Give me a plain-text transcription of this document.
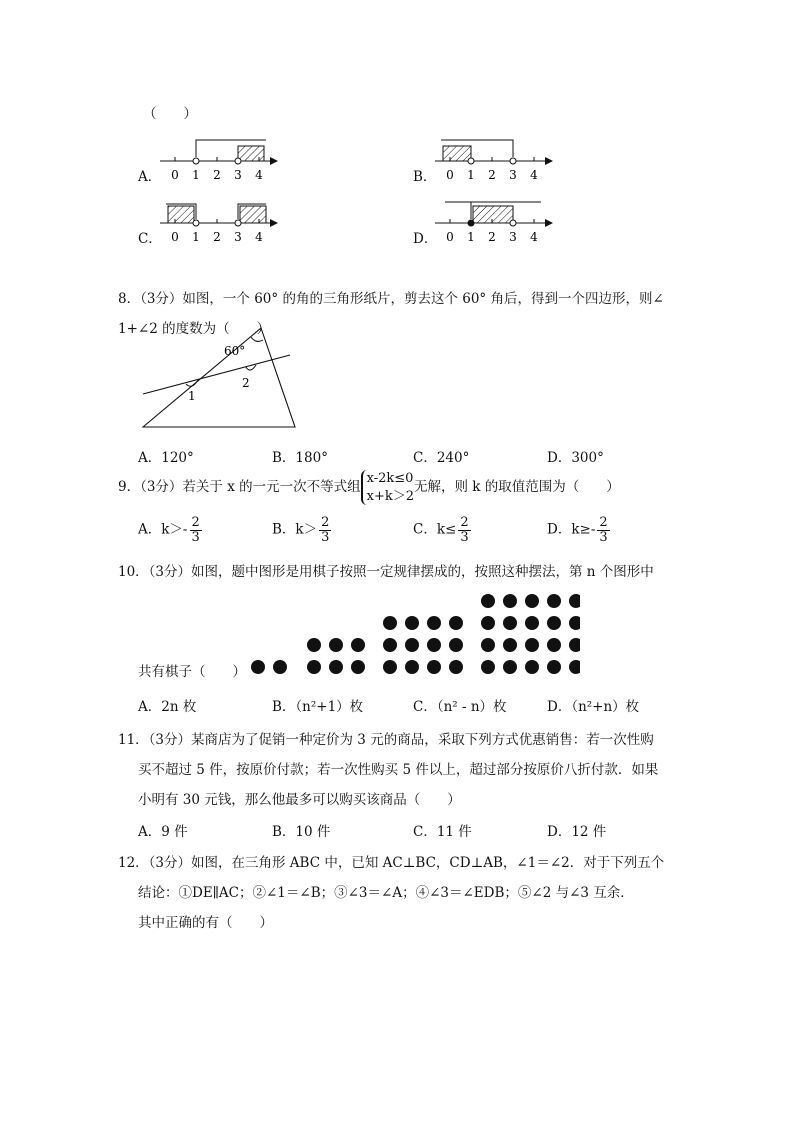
（　　）
A． 0 1 2 3 4	B． 0 1 2 3 4
C． 0 1 2 3 4	D． 0 1 2 3 4
8．（3分）如图，一个 60° 的角的三角形纸片，剪去这个 60° 角后，得到一个四边形，则∠
1+∠2 的度数为（　　）
60°
1
2
A．120°	B．180°	C．240°	D．300°
9．（3分）若关于 x 的一元一次不等式组
x-2k≤0
x+k＞2
无解，则 k 的取值范围为（　　）
A．$k>- \frac{2}{3}$	B．$k> \frac{2}{3}$	C．$k\le \frac{2}{3}$	D．$k\ge- \frac{2}{3}$
10．（3分）如图，题中图形是用棋子按照一定规律摆成的，按照这种摆法，第 n 个图形中
共有棋子（　　）
A．2n 枚	B．（n²+1）枚	C．（n² - n）枚	D．（n²+n）枚
11．（3分）某商店为了促销一种定价为 3 元的商品，采取下列方式优惠销售：若一次性购
买不超过 5 件，按原价付款；若一次性购买 5 件以上，超过部分按原价八折付款．如果
小明有 30 元钱，那么他最多可以购买该商品（　　）
A．9 件	B．10 件	C．11 件	D．12 件
12．（3分）如图，在三角形 ABC 中，已知 AC⊥BC，CD⊥AB，∠1＝∠2．对于下列五个
结论：①DE∥AC；②∠1＝∠B；③∠3＝∠A；④∠3＝∠EDB；⑤∠2 与∠3 互余．
其中正确的有（　　）
